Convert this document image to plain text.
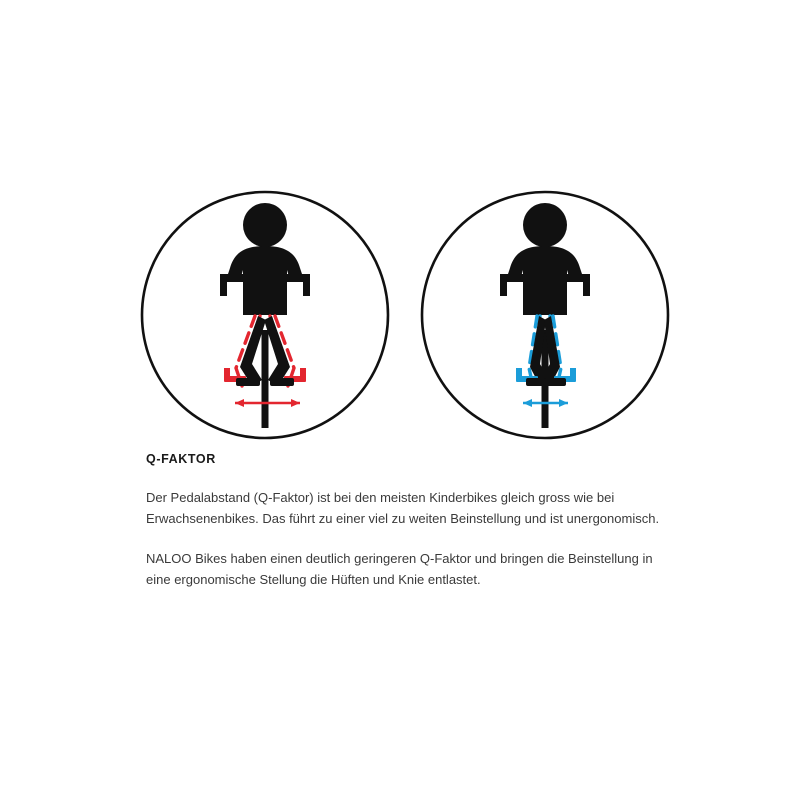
Q-FAKTOR

Der Pedalabstand (Q-Faktor) ist bei den meisten Kinderbikes gleich gross wie bei Erwachsenenbikes. Das führt zu einer viel zu weiten Beinstellung und ist unergonomisch.

NALOO Bikes haben einen deutlich geringeren Q-Faktor und bringen die Beinstellung in eine ergonomische Stellung die Hüften und Knie entlastet.
